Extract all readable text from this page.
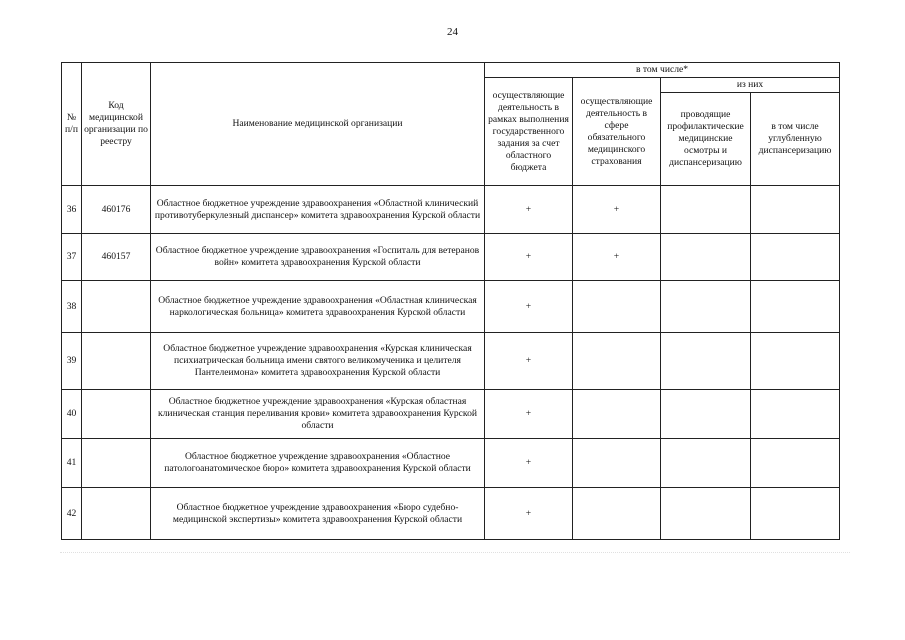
24
№ п/п	Код медицинской организации по реестру	Наименование медицинской организации	в том числе*			
			осуществляющие деятельность в рамках выполнения государственного задания за счет областного бюджета	осуществляющие деятельность в сфере обязательного медицинского страхования	из них	
					проводящие профилактические медицинские осмотры и диспансеризацию	в том числе углубленную диспансеризацию
36	460176	Областное бюджетное учреждение здравоохранения «Областной клинический противотуберкулезный диспансер» комитета здравоохранения Курской области	+	+		
37	460157	Областное бюджетное учреждение здравоохранения «Госпиталь для ветеранов войн» комитета здравоохранения Курской области	+	+		
38		Областное бюджетное учреждение здравоохранения «Областная клиническая наркологическая больница» комитета здравоохранения Курской области	+			
39		Областное бюджетное учреждение здравоохранения «Курская клиническая психиатрическая больница имени святого великомученика и целителя Пантелеимона» комитета здравоохранения Курской области	+			
40		Областное бюджетное учреждение здравоохранения «Курская областная клиническая станция переливания крови» комитета здравоохранения Курской области	+			
41		Областное бюджетное учреждение здравоохранения «Областное патологоанатомическое бюро» комитета здравоохранения Курской области	+			
42		Областное бюджетное учреждение здравоохранения «Бюро судебно-медицинской экспертизы» комитета здравоохранения Курской области	+			
